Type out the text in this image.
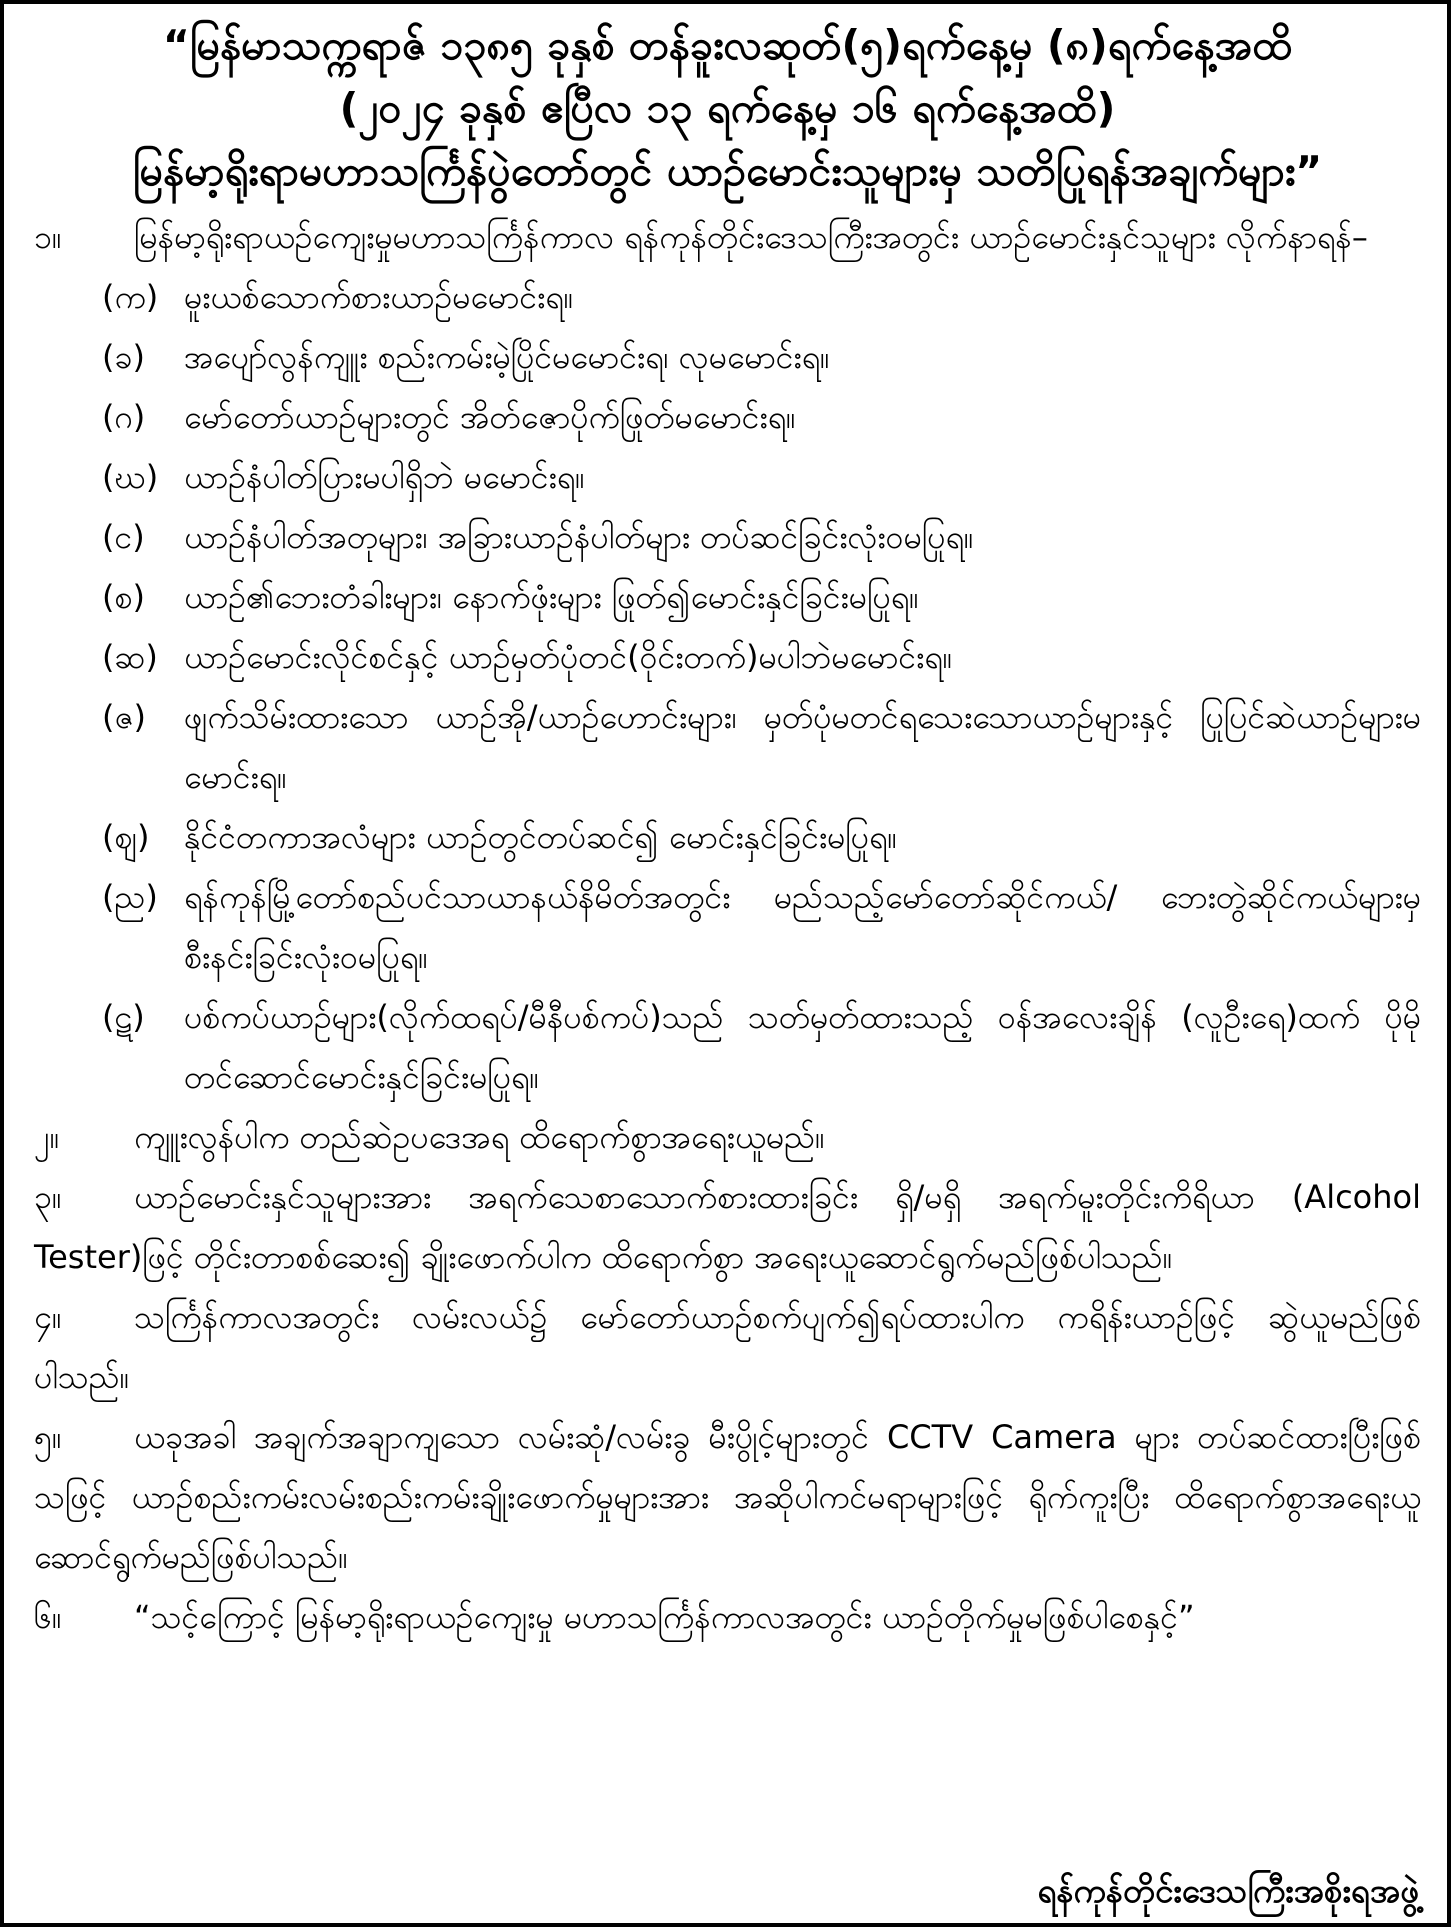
“မြန်မာသက္ကရာဇ် ၁၃၈၅ ခုနှစ် တန်ခူးလဆုတ်(၅)ရက်နေ့မှ (၈)ရက်နေ့အထိ
(၂၀၂၄ ခုနှစ် ဧပြီလ ၁၃ ရက်နေ့မှ ၁၆ ရက်နေ့အထိ)
မြန်မာ့ရိုးရာမဟာသင်္ကြန်ပွဲတော်တွင် ယာဉ်မောင်းသူများမှ သတိပြုရန်အချက်များ”
၁။	မြန်မာ့ရိုးရာယဉ်ကျေးမှုမဟာသင်္ကြန်ကာလ ရန်ကုန်တိုင်းဒေသကြီးအတွင်း ယာဉ်မောင်းနှင်သူများ လိုက်နာရန်–
(က) မူးယစ်သောက်စားယာဉ်မမောင်းရ။
(ခ) အပျော်လွန်ကျူး စည်းကမ်းမဲ့ပြိုင်မမောင်းရ၊ လုမမောင်းရ။
(ဂ) မော်တော်ယာဉ်များတွင် အိတ်ဇောပိုက်ဖြုတ်မမောင်းရ။
(ဃ) ယာဉ်နံပါတ်ပြားမပါရှိဘဲ မမောင်းရ။
(င) ယာဉ်နံပါတ်အတုများ၊ အခြားယာဉ်နံပါတ်များ တပ်ဆင်ခြင်းလုံးဝမပြုရ။
(စ) ယာဉ်၏ဘေးတံခါးများ၊ နောက်ဖုံးများ ဖြုတ်၍မောင်းနှင်ခြင်းမပြုရ။
(ဆ) ယာဉ်မောင်းလိုင်စင်နှင့် ယာဉ်မှတ်ပုံတင်(ဝိုင်းတက်)မပါဘဲမမောင်းရ။
(ဇ) ဖျက်သိမ်းထားသော ယာဉ်အို/ယာဉ်ဟောင်းများ၊ မှတ်ပုံမတင်ရသေးသောယာဉ်များနှင့် ပြုပြင်ဆဲယာဉ်များမမောင်းရ။
(ဈ) နိုင်ငံတကာအလံများ ယာဉ်တွင်တပ်ဆင်၍ မောင်းနှင်ခြင်းမပြုရ။
(ည) ရန်ကုန်မြို့တော်စည်ပင်သာယာနယ်နိမိတ်အတွင်း မည်သည့်မော်တော်ဆိုင်ကယ်/ ဘေးတွဲဆိုင်ကယ်များမှ စီးနင်းခြင်းလုံးဝမပြုရ။
(ဋ) ပစ်ကပ်ယာဉ်များ(လိုက်ထရပ်/မီနီပစ်ကပ်)သည် သတ်မှတ်ထားသည့် ဝန်အလေးချိန် (လူဦးရေ)ထက် ပိုမိုတင်ဆောင်မောင်းနှင်ခြင်းမပြုရ။
၂။	ကျူးလွန်ပါက တည်ဆဲဥပဒေအရ ထိရောက်စွာအရေးယူမည်။
၃။	ယာဉ်မောင်းနှင်သူများအား အရက်သေစာသောက်စားထားခြင်း ရှိ/မရှိ အရက်မူးတိုင်းကိရိယာ (Alcohol Tester)ဖြင့် တိုင်းတာစစ်ဆေး၍ ချိုးဖောက်ပါက ထိရောက်စွာ အရေးယူဆောင်ရွက်မည်ဖြစ်ပါသည်။
၄။	သင်္ကြန်ကာလအတွင်း လမ်းလယ်၌ မော်တော်ယာဉ်စက်ပျက်၍ရပ်ထားပါက ကရိန်းယာဉ်ဖြင့် ဆွဲယူမည်ဖြစ်ပါသည်။
၅။	ယခုအခါ အချက်အချာကျသော လမ်းဆုံ/လမ်းခွ မီးပွိုင့်များတွင် CCTV Camera များ တပ်ဆင်ထားပြီးဖြစ်သဖြင့် ယာဉ်စည်းကမ်းလမ်းစည်းကမ်းချိုးဖောက်မှုများအား အဆိုပါကင်မရာများဖြင့် ရိုက်ကူးပြီး ထိရောက်စွာအရေးယူဆောင်ရွက်မည်ဖြစ်ပါသည်။
၆။	“သင့်ကြောင့် မြန်မာ့ရိုးရာယဉ်ကျေးမှု မဟာသင်္ကြန်ကာလအတွင်း ယာဉ်တိုက်မှုမဖြစ်ပါစေနှင့်”
ရန်ကုန်တိုင်းဒေသကြီးအစိုးရအဖွဲ့
